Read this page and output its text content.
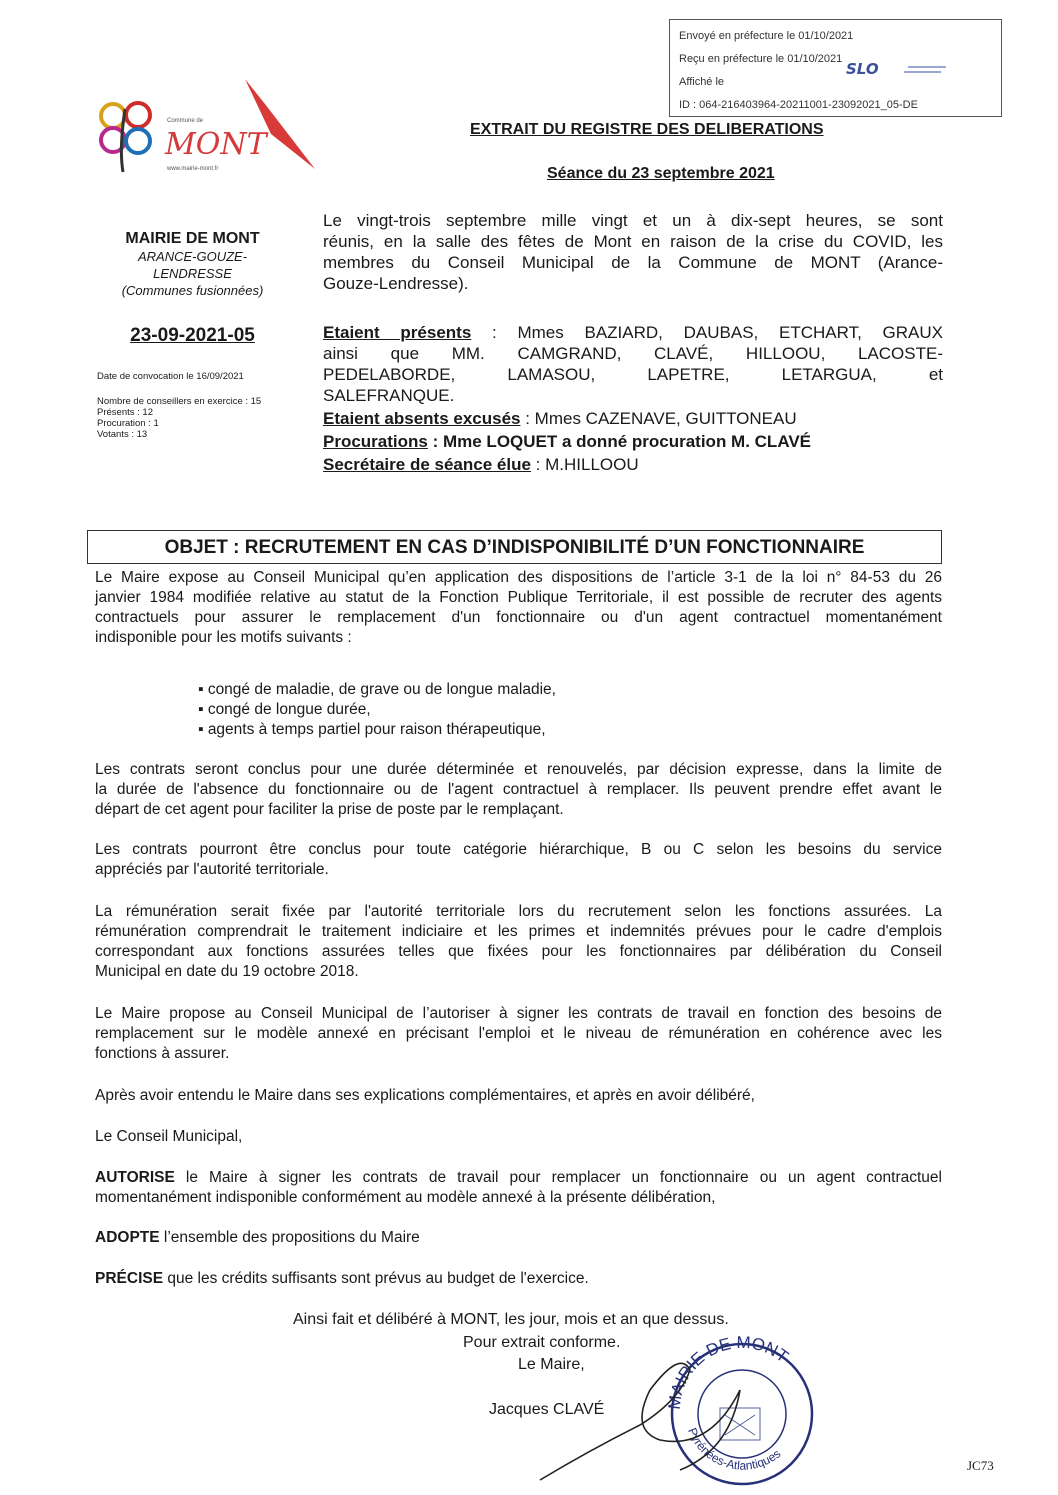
Envoyé en préfecture le 01/10/2021
Reçu en préfecture le 01/10/2021
Affiché le
ID : 064-216403964-20211001-23092021_05-DE
SLO
Commune de
MONT
www.mairie-mont.fr
EXTRAIT DU REGISTRE DES DELIBERATIONS
Séance du 23 septembre 2021
MAIRIE DE MONT
ARANCE-GOUZE-
LENDRESSE
(Communes fusionnées)
23-09-2021-05
Date de convocation le 16/09/2021
Nombre de conseillers en exercice : 15
Présents : 12
Procuration : 1
Votants : 13
Le vingt-trois septembre mille vingt et un à dix-sept heures, se sont
réunis, en la salle des fêtes de Mont en raison de la crise du COVID, les
membres du Conseil Municipal de la Commune de MONT (Arance-
Gouze-Lendresse).
Etaient présents : Mmes BAZIARD, DAUBAS, ETCHART, GRAUX
ainsi que MM. CAMGRAND, CLAVÉ, HILLOOU, LACOSTE-
PEDELABORDE, LAMASOU, LAPETRE, LETARGUA, et
SALEFRANQUE.
Etaient absents excusés : Mmes CAZENAVE, GUITTONEAU
Procurations : Mme LOQUET a donné procuration M. CLAVÉ
Secrétaire de séance élue : M.HILLOOU
OBJET : RECRUTEMENT EN CAS D’INDISPONIBILITÉ D’UN FONCTIONNAIRE
Le Maire expose au Conseil Municipal qu’en application des dispositions de l’article 3-1 de la loi n° 84-53 du 26
janvier 1984 modifiée relative au statut de la Fonction Publique Territoriale, il est possible de recruter des agents
contractuels pour assurer le remplacement d'un fonctionnaire ou d'un agent contractuel momentanément
indisponible pour les motifs suivants :
▪ congé de maladie, de grave ou de longue maladie,
▪ congé de longue durée,
▪ agents à temps partiel pour raison thérapeutique,
Les contrats seront conclus pour une durée déterminée et renouvelés, par décision expresse, dans la limite de
la durée de l'absence du fonctionnaire ou de l'agent contractuel à remplacer. Ils peuvent prendre effet avant le
départ de cet agent pour faciliter la prise de poste par le remplaçant.
Les contrats pourront être conclus pour toute catégorie hiérarchique, B ou C selon les besoins du service
appréciés par l'autorité territoriale.
La rémunération serait fixée par l'autorité territoriale lors du recrutement selon les fonctions assurées. La
rémunération comprendrait le traitement indiciaire et les primes et indemnités prévues pour le cadre d'emplois
correspondant aux fonctions assurées telles que fixées pour les fonctionnaires par délibération du Conseil
Municipal en date du 19 octobre 2018.
Le Maire propose au Conseil Municipal de l’autoriser à signer les contrats de travail en fonction des besoins de
remplacement sur le modèle annexé en précisant l'emploi et le niveau de rémunération en cohérence avec les
fonctions à assurer.
Après avoir entendu le Maire dans ses explications complémentaires, et après en avoir délibéré,
Le Conseil Municipal,
AUTORISE le Maire à signer les contrats de travail pour remplacer un fonctionnaire ou un agent contractuel
momentanément indisponible conformément au modèle annexé à la présente délibération,
ADOPTE l’ensemble des propositions du Maire
PRÉCISE que les crédits suffisants sont prévus au budget de l'exercice.
Ainsi fait et délibéré à MONT, les jour, mois et an que dessus.
Pour extrait conforme.
Le Maire,
Jacques CLAVÉ	MAIRIE DE MONT
Pyrénées-Atlantiques
JC73
